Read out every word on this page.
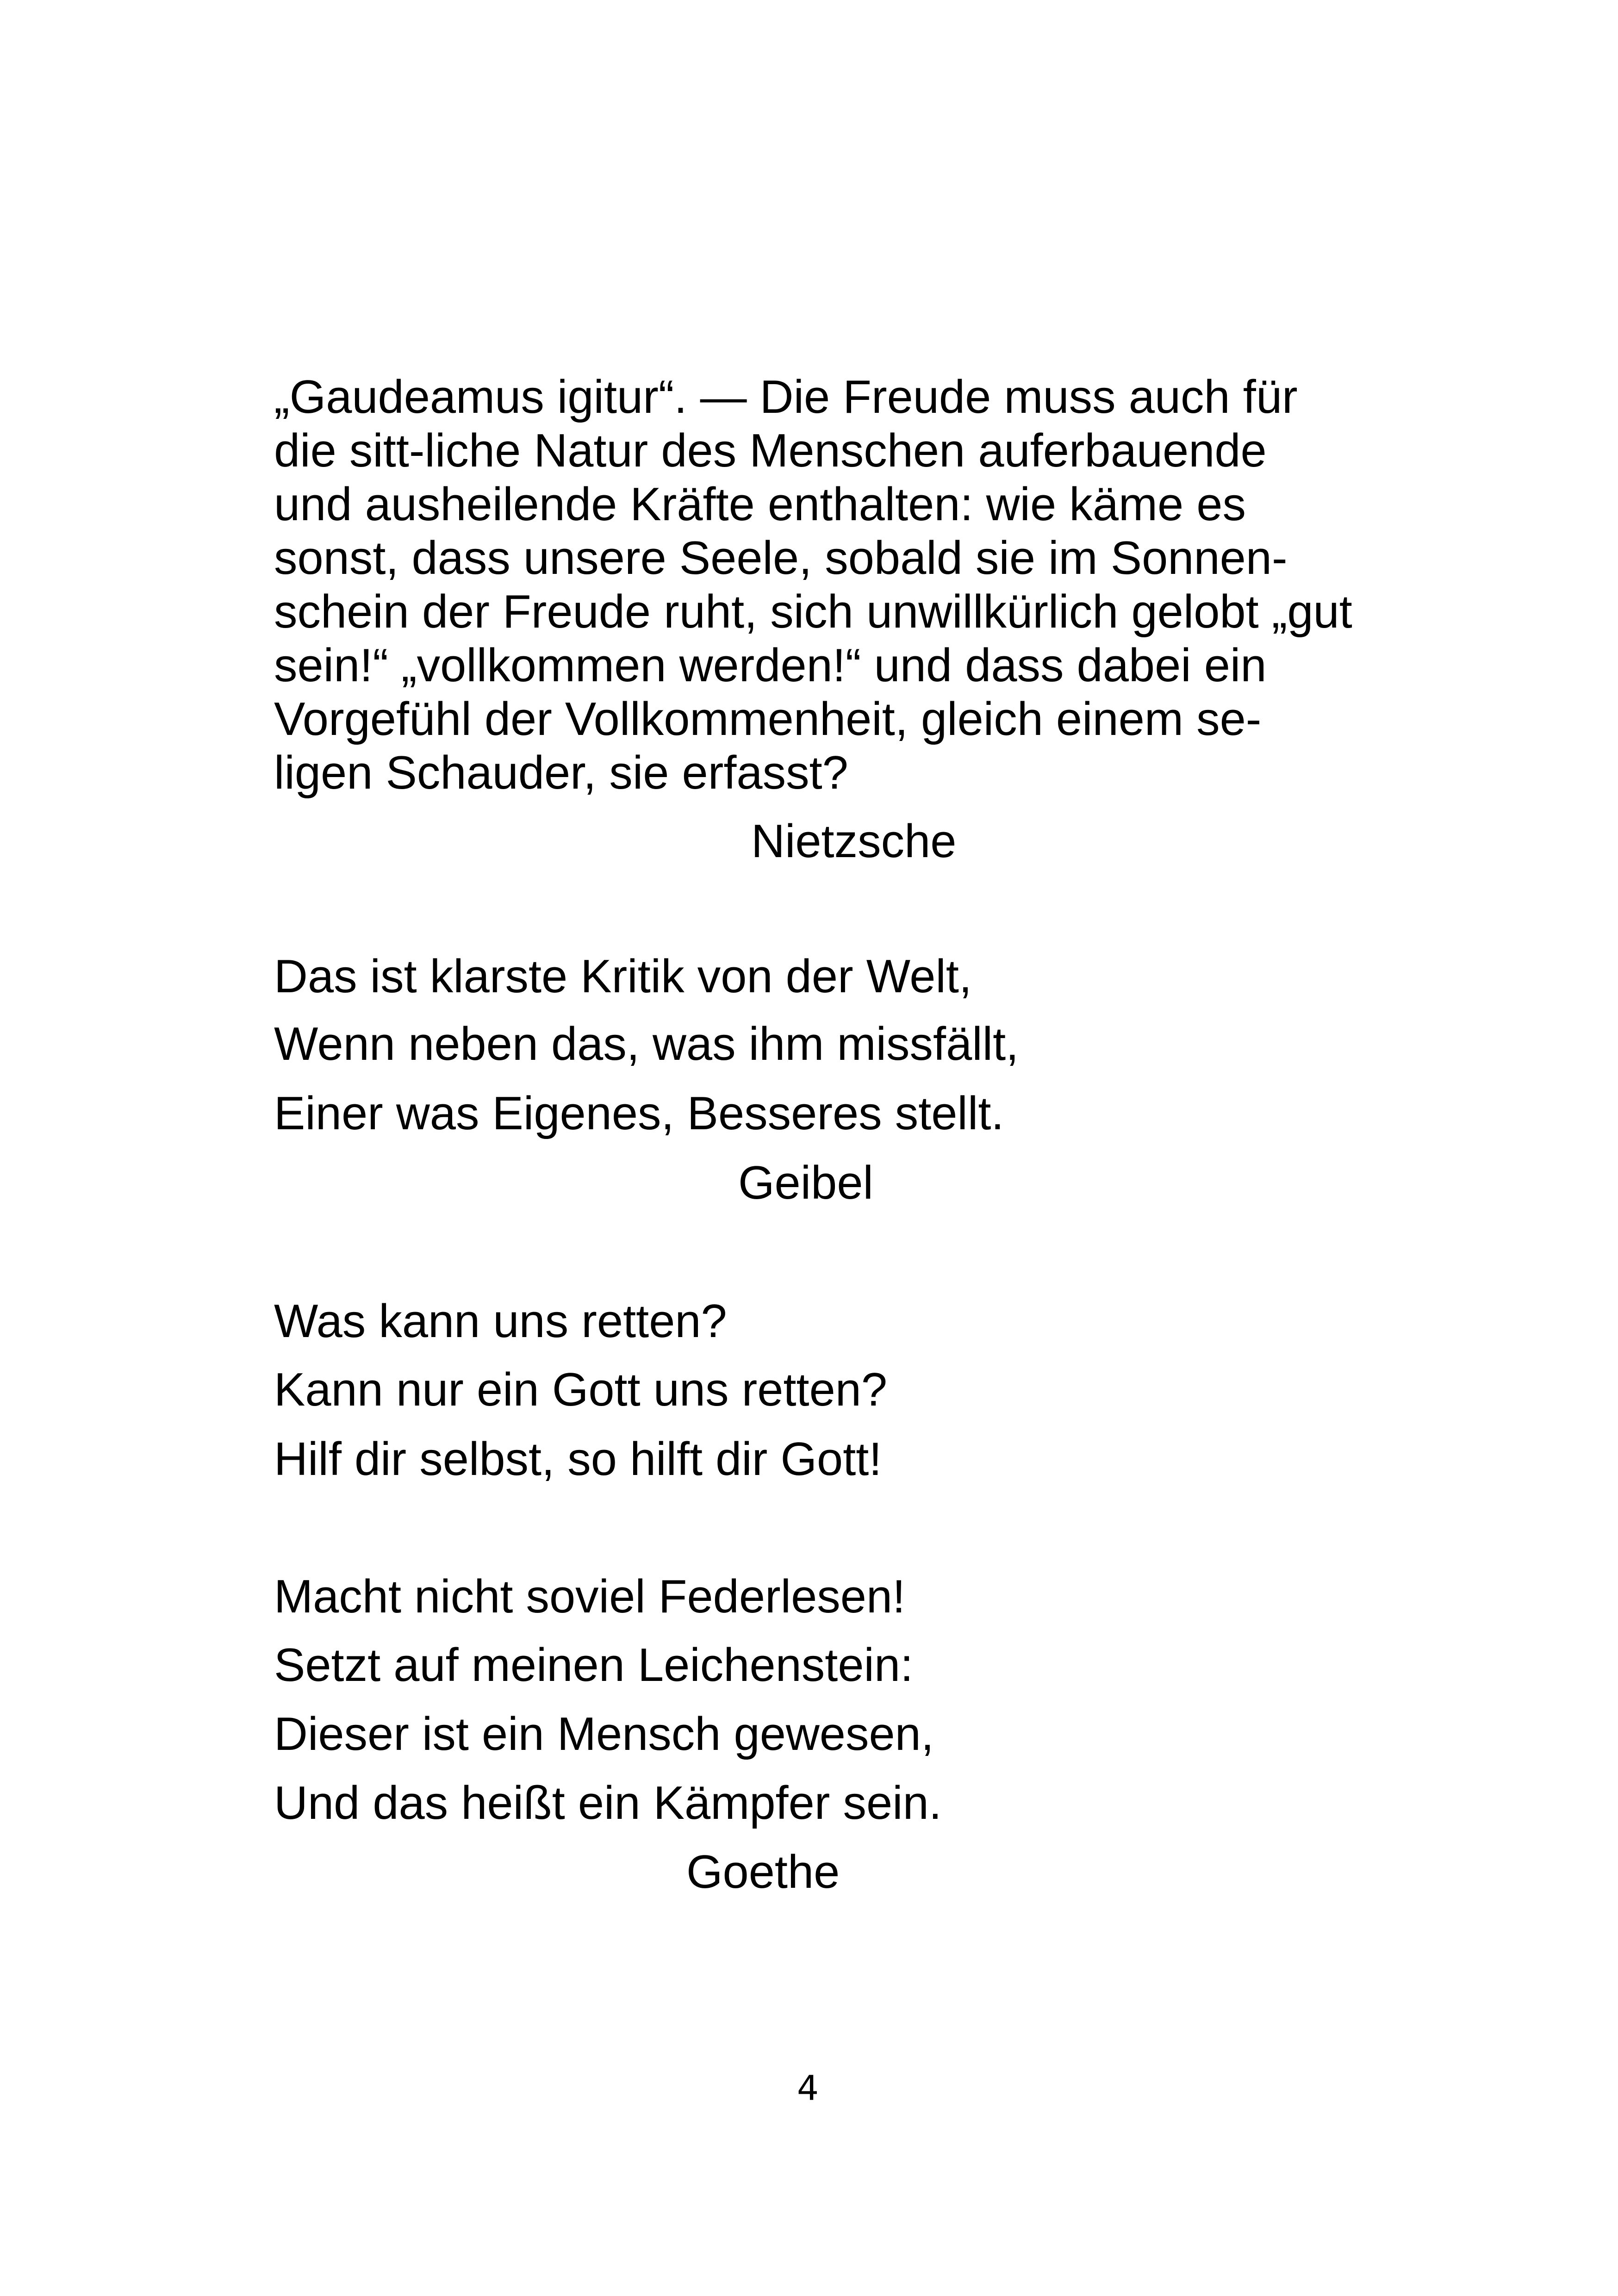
„Gaudeamus igitur“. — Die Freude muss auch für
die sitt-liche Natur des Menschen auferbauende
und ausheilende Kräfte enthalten: wie käme es
sonst, dass unsere Seele, sobald sie im Sonnen-
schein der Freude ruht, sich unwillkürlich gelobt „gut
sein!“ „vollkommen werden!“ und dass dabei ein
Vorgefühl der Vollkommenheit, gleich einem se-
ligen Schauder, sie erfasst?
Nietzsche
Das ist klarste Kritik von der Welt,
Wenn neben das, was ihm missfällt,
Einer was Eigenes, Besseres stellt.
Geibel
Was kann uns retten?
Kann nur ein Gott uns retten?
Hilf dir selbst, so hilft dir Gott!
Macht nicht soviel Federlesen!
Setzt auf meinen Leichenstein:
Dieser ist ein Mensch gewesen,
Und das heißt ein Kämpfer sein.
Goethe
4
